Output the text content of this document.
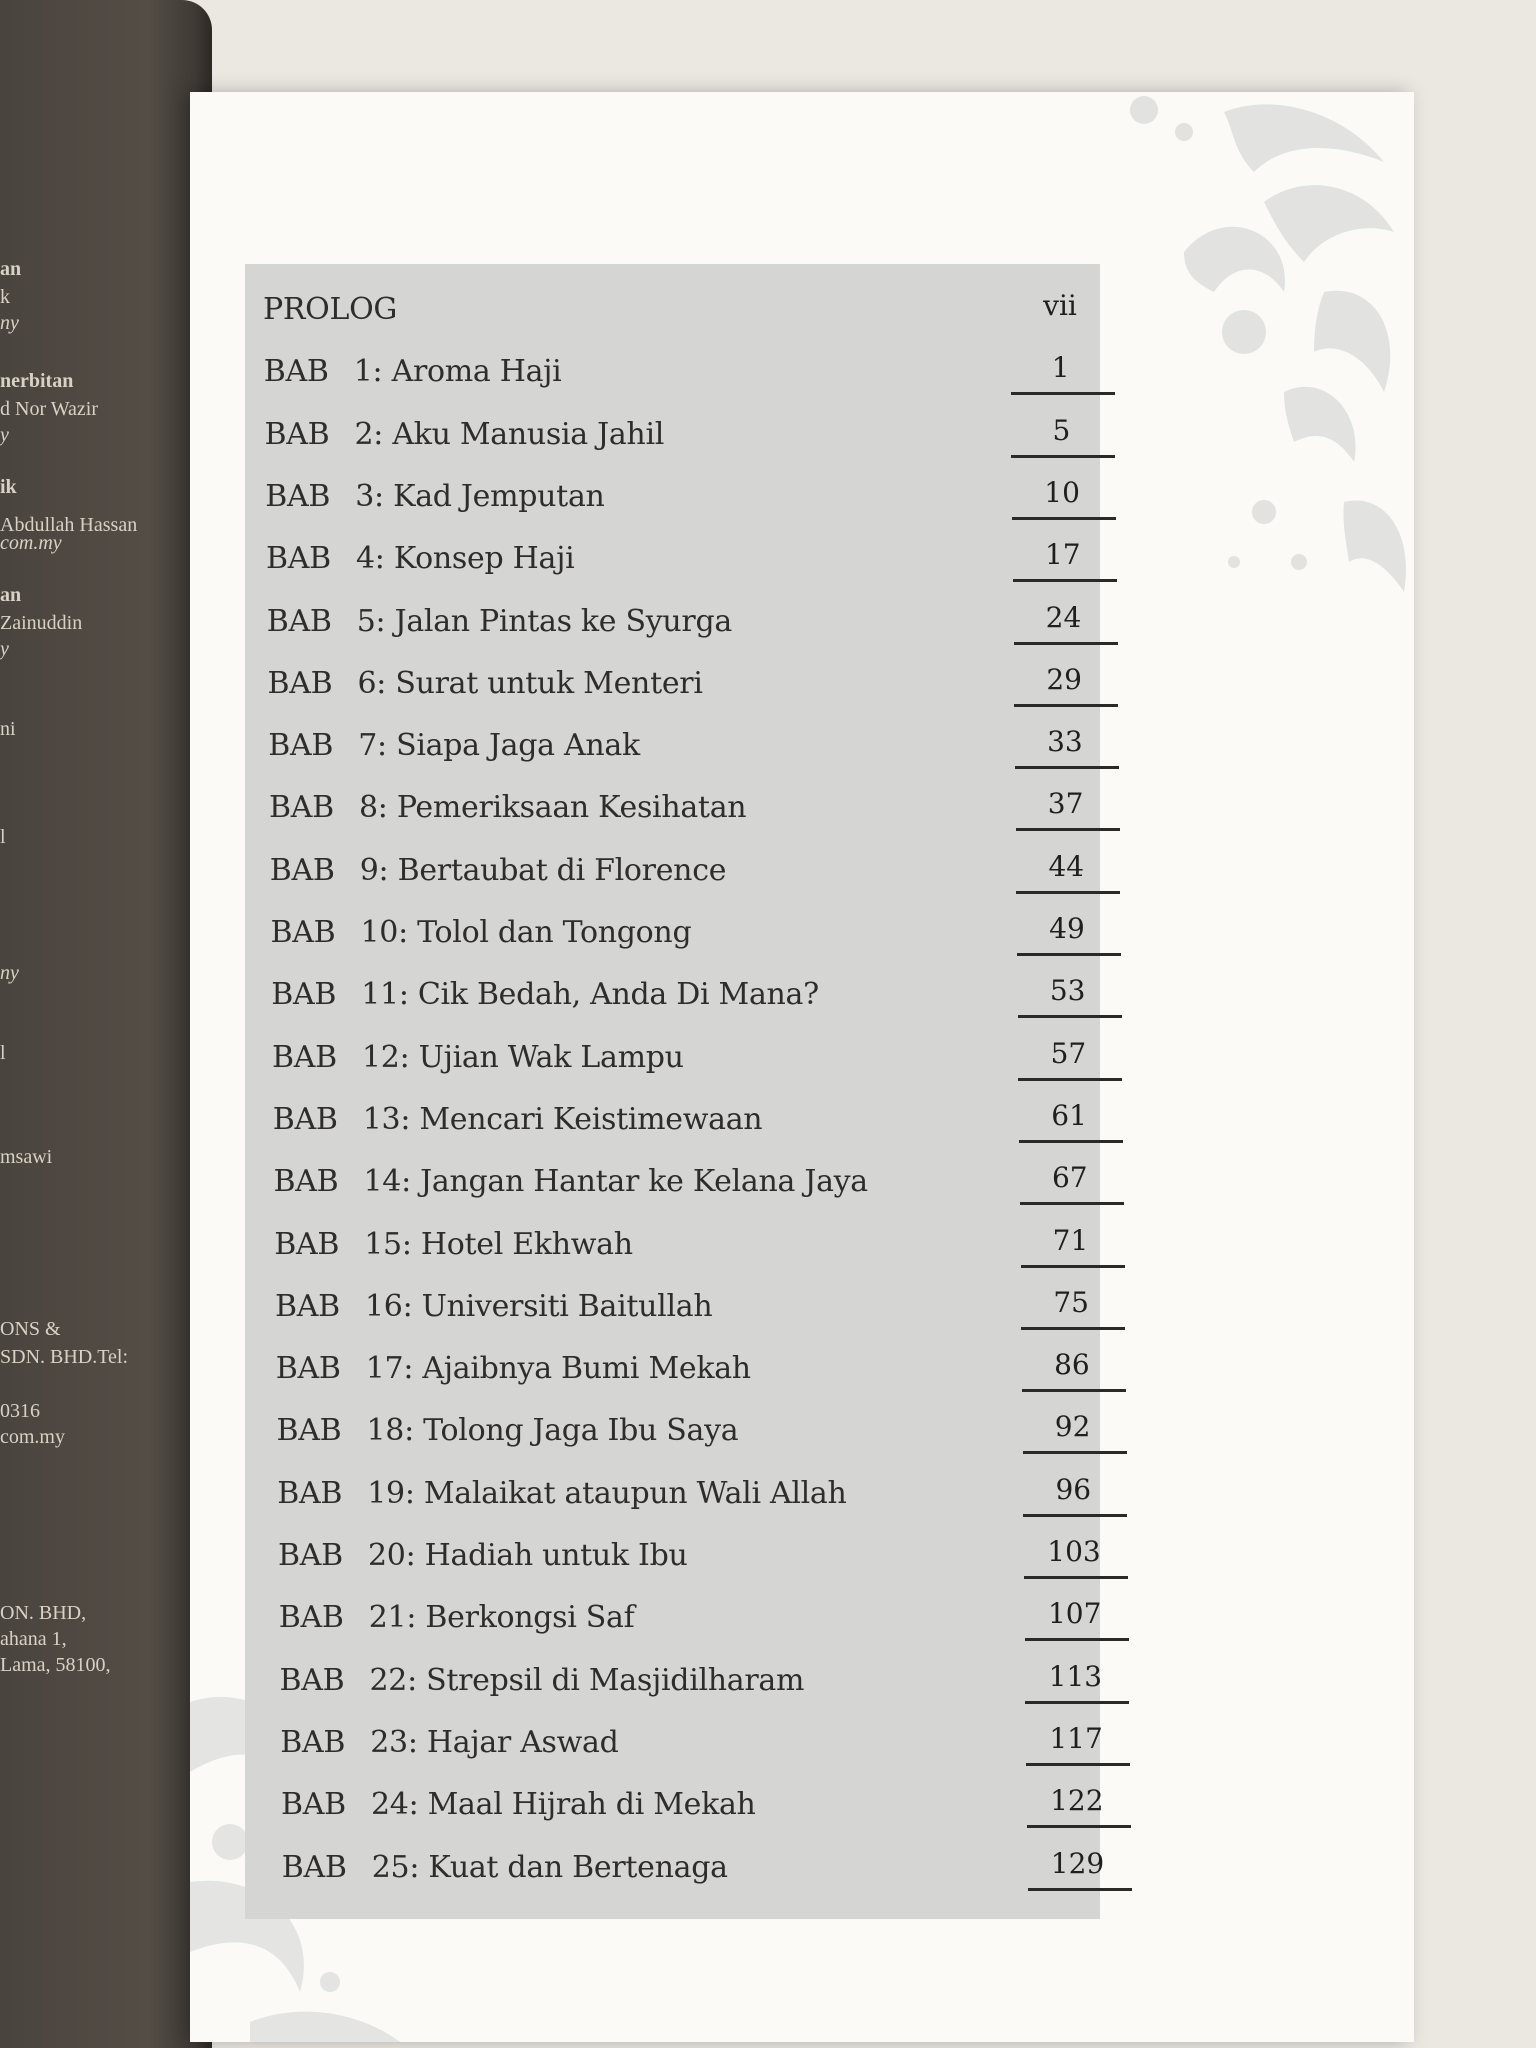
an
k
ny
nerbitan
d Nor Wazir
y
ik
Abdullah Hassan
com.my
an
Zainuddin
y
ni
l
ny
l
msawi
ONS &
SDN. BHD.Tel:
0316
com.my
ON. BHD,
ahana 1,
Lama, 58100,
PROLOG	vii
BAB 1: Aroma Haji	1
BAB 2: Aku Manusia Jahil	5
BAB 3: Kad Jemputan	10
BAB 4: Konsep Haji	17
BAB 5: Jalan Pintas ke Syurga	24
BAB 6: Surat untuk Menteri	29
BAB 7: Siapa Jaga Anak	33
BAB 8: Pemeriksaan Kesihatan	37
BAB 9: Bertaubat di Florence	44
BAB 10: Tolol dan Tongong	49
BAB 11: Cik Bedah, Anda Di Mana?	53
BAB 12: Ujian Wak Lampu	57
BAB 13: Mencari Keistimewaan	61
BAB 14: Jangan Hantar ke Kelana Jaya	67
BAB 15: Hotel Ekhwah	71
BAB 16: Universiti Baitullah	75
BAB 17: Ajaibnya Bumi Mekah	86
BAB 18: Tolong Jaga Ibu Saya	92
BAB 19: Malaikat ataupun Wali Allah	96
BAB 20: Hadiah untuk Ibu	103
BAB 21: Berkongsi Saf	107
BAB 22: Strepsil di Masjidilharam	113
BAB 23: Hajar Aswad	117
BAB 24: Maal Hijrah di Mekah	122
BAB 25: Kuat dan Bertenaga	129
